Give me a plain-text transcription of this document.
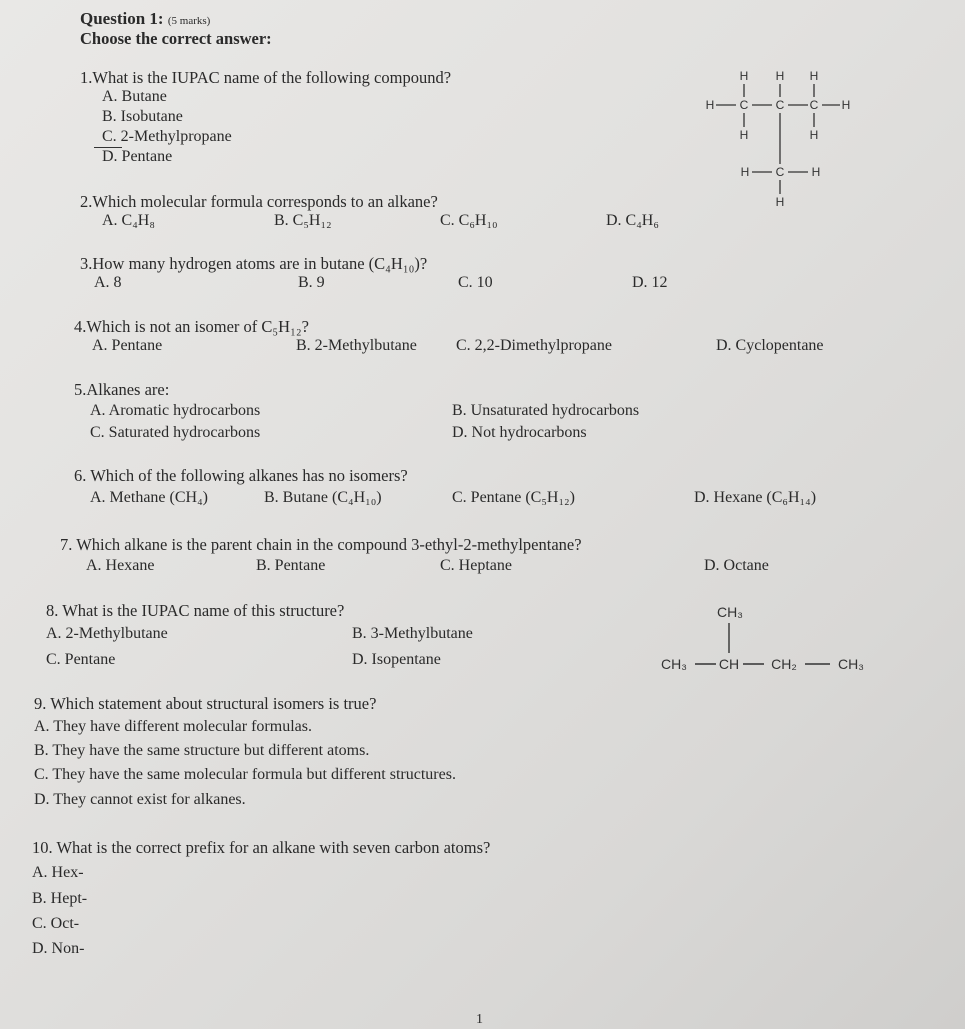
Question 1: (5 marks)
Choose the correct answer:
1.What is the IUPAC name of the following compound?
A. Butane
B. Isobutane
C. 2-Methylpropane
D. Pentane
H H H
H C C C H
H	H
H C H
H
2.Which molecular formula corresponds to an alkane?
A. C₄H₈	B. C₅H₁₂	C. C₆H₁₀	D. C₄H₆
3.How many hydrogen atoms are in butane (C₄H₁₀)?
A. 8	B. 9	C. 10	D. 12
4.Which is not an isomer of C₅H₁₂?
A. Pentane	B. 2-Methylbutane C. 2,2-Dimethylpropane	D. Cyclopentane
5.Alkanes are:
A. Aromatic hydrocarbons	B. Unsaturated hydrocarbons
C. Saturated hydrocarbons	D. Not hydrocarbons
6. Which of the following alkanes has no isomers?
A. Methane (CH₄)	B. Butane (C₄H₁₀)	C. Pentane (C₅H₁₂)	D. Hexane (C₆H₁₄)
7. Which alkane is the parent chain in the compound 3-ethyl-2-methylpentane?
A. Hexane	B. Pentane	C. Heptane	D. Octane
8. What is the IUPAC name of this structure?
A. 2-Methylbutane	B. 3-Methylbutane
C. Pentane	D. Isopentane
CH₃
CH₃ CH CH₂	CH₃
9. Which statement about structural isomers is true?
A. They have different molecular formulas.
B. They have the same structure but different atoms.
C. They have the same molecular formula but different structures.
D. They cannot exist for alkanes.
10. What is the correct prefix for an alkane with seven carbon atoms?
A. Hex-
B. Hept-
C. Oct-
D. Non-
1
